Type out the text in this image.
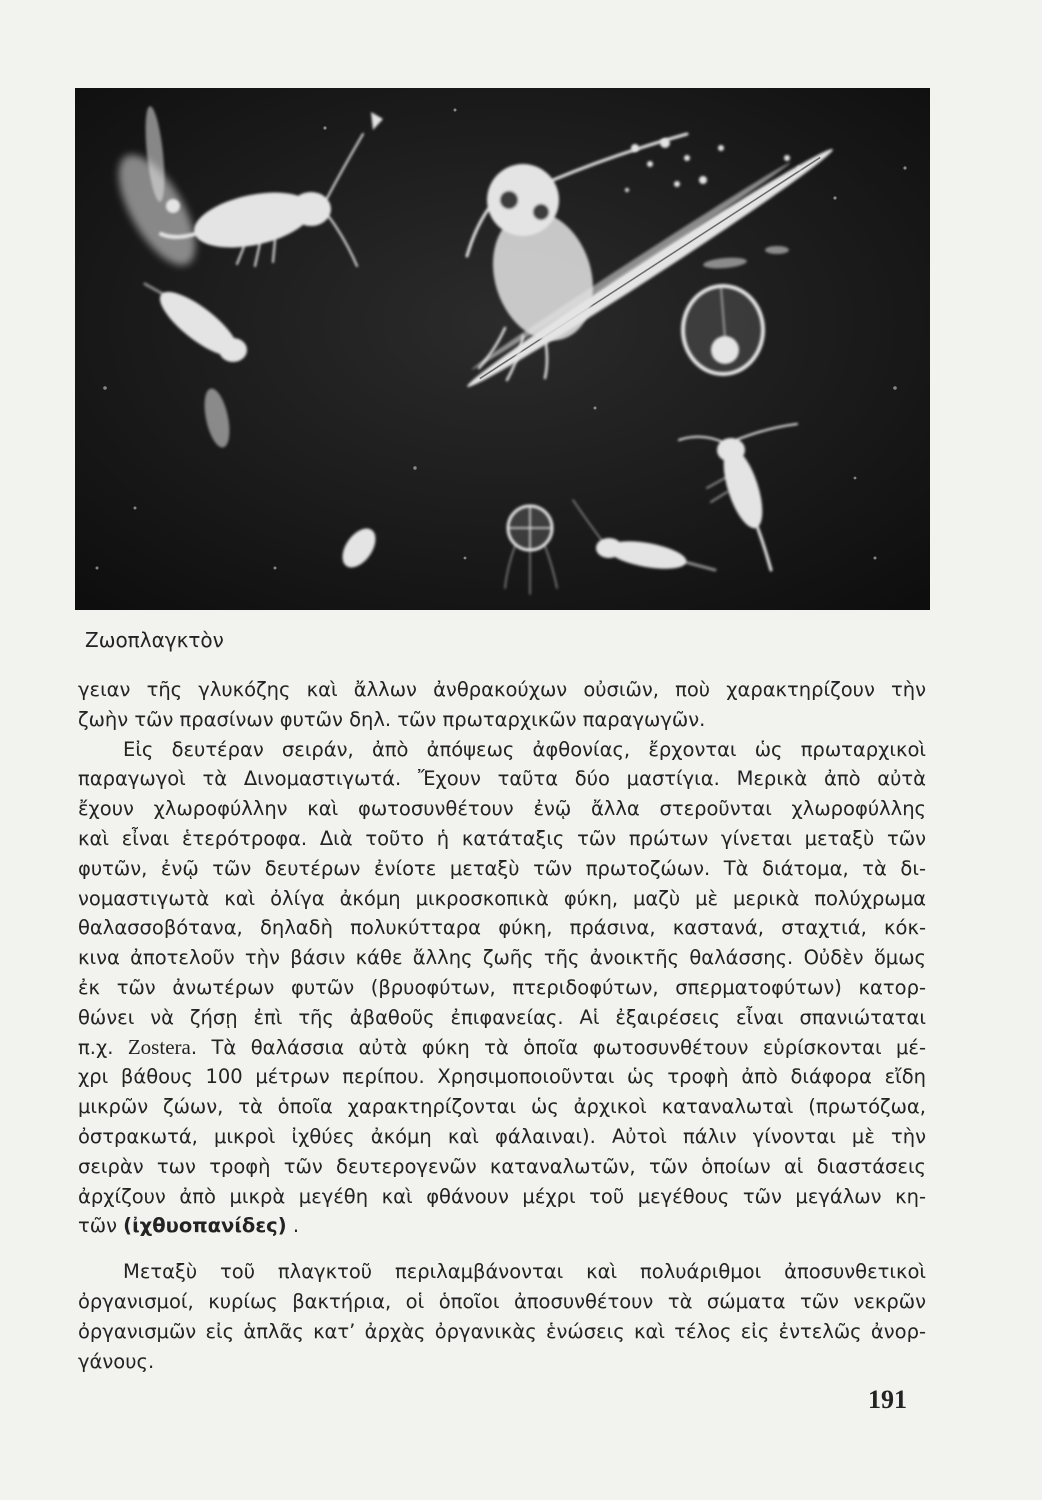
Ζωοπλαγκτὸν
γειαν τῆς γλυκόζης καὶ ἄλλων ἀνθρακούχων οὐσιῶν, ποὺ χαρακτηρίζουν τὴν
ζωὴν τῶν πρασίνων φυτῶν δηλ. τῶν πρωταρχικῶν παραγωγῶν.
Εἰς δευτέραν σειράν, ἀπὸ ἀπόψεως ἀφθονίας, ἔρχονται ὡς πρωταρχικοὶ
παραγωγοὶ τὰ Δινομαστιγωτά. Ἔχουν ταῦτα δύο μαστίγια. Μερικὰ ἀπὸ αὐτὰ
ἔχουν χλωροφύλλην καὶ φωτοσυνθέτουν ἐνῷ ἄλλα στεροῦνται χλωροφύλλης
καὶ εἶναι ἑτερότροφα. Διὰ τοῦτο ἡ κατάταξις τῶν πρώτων γίνεται μεταξὺ τῶν
φυτῶν, ἐνῷ τῶν δευτέρων ἐνίοτε μεταξὺ τῶν πρωτοζώων. Τὰ διάτομα, τὰ δι-
νομαστιγωτὰ καὶ ὀλίγα ἀκόμη μικροσκοπικὰ φύκη, μαζὺ μὲ μερικὰ πολύχρωμα
θαλασσοβότανα, δηλαδὴ πολυκύτταρα φύκη, πράσινα, καστανά, σταχτιά, κόκ-
κινα ἀποτελοῦν τὴν βάσιν κάθε ἄλλης ζωῆς τῆς ἀνοικτῆς θαλάσσης. Οὐδὲν ὅμως
ἐκ τῶν ἀνωτέρων φυτῶν (βρυοφύτων, πτεριδοφύτων, σπερματοφύτων) κατορ-
θώνει νὰ ζήσῃ ἐπὶ τῆς ἀβαθοῦς ἐπιφανείας. Αἱ ἐξαιρέσεις εἶναι σπανιώταται
π.χ. Zostera. Τὰ θαλάσσια αὐτὰ φύκη τὰ ὁποῖα φωτοσυνθέτουν εὑρίσκονται μέ-
χρι βάθους 100 μέτρων περίπου. Χρησιμοποιοῦνται ὡς τροφὴ ἀπὸ διάφορα εἴδη
μικρῶν ζώων, τὰ ὁποῖα χαρακτηρίζονται ὡς ἀρχικοὶ καταναλωταὶ (πρωτόζωα,
ὀστρακωτά, μικροὶ ἰχθύες ἀκόμη καὶ φάλαιναι). Αὐτοὶ πάλιν γίνονται μὲ τὴν
σειρὰν των τροφὴ τῶν δευτερογενῶν καταναλωτῶν, τῶν ὁποίων αἱ διαστάσεις
ἀρχίζουν ἀπὸ μικρὰ μεγέθη καὶ φθάνουν μέχρι τοῦ μεγέθους τῶν μεγάλων κη-
τῶν (ἰχθυοπανίδες) .
Μεταξὺ τοῦ πλαγκτοῦ περιλαμβάνονται καὶ πολυάριθμοι ἀποσυνθετικοὶ
ὀργανισμοί, κυρίως βακτήρια, οἱ ὁποῖοι ἀποσυνθέτουν τὰ σώματα τῶν νεκρῶν
ὀργανισμῶν εἰς ἁπλᾶς κατ’ ἀρχὰς ὀργανικὰς ἑνώσεις καὶ τέλος εἰς ἐντελῶς ἀνορ-
γάνους.
191
